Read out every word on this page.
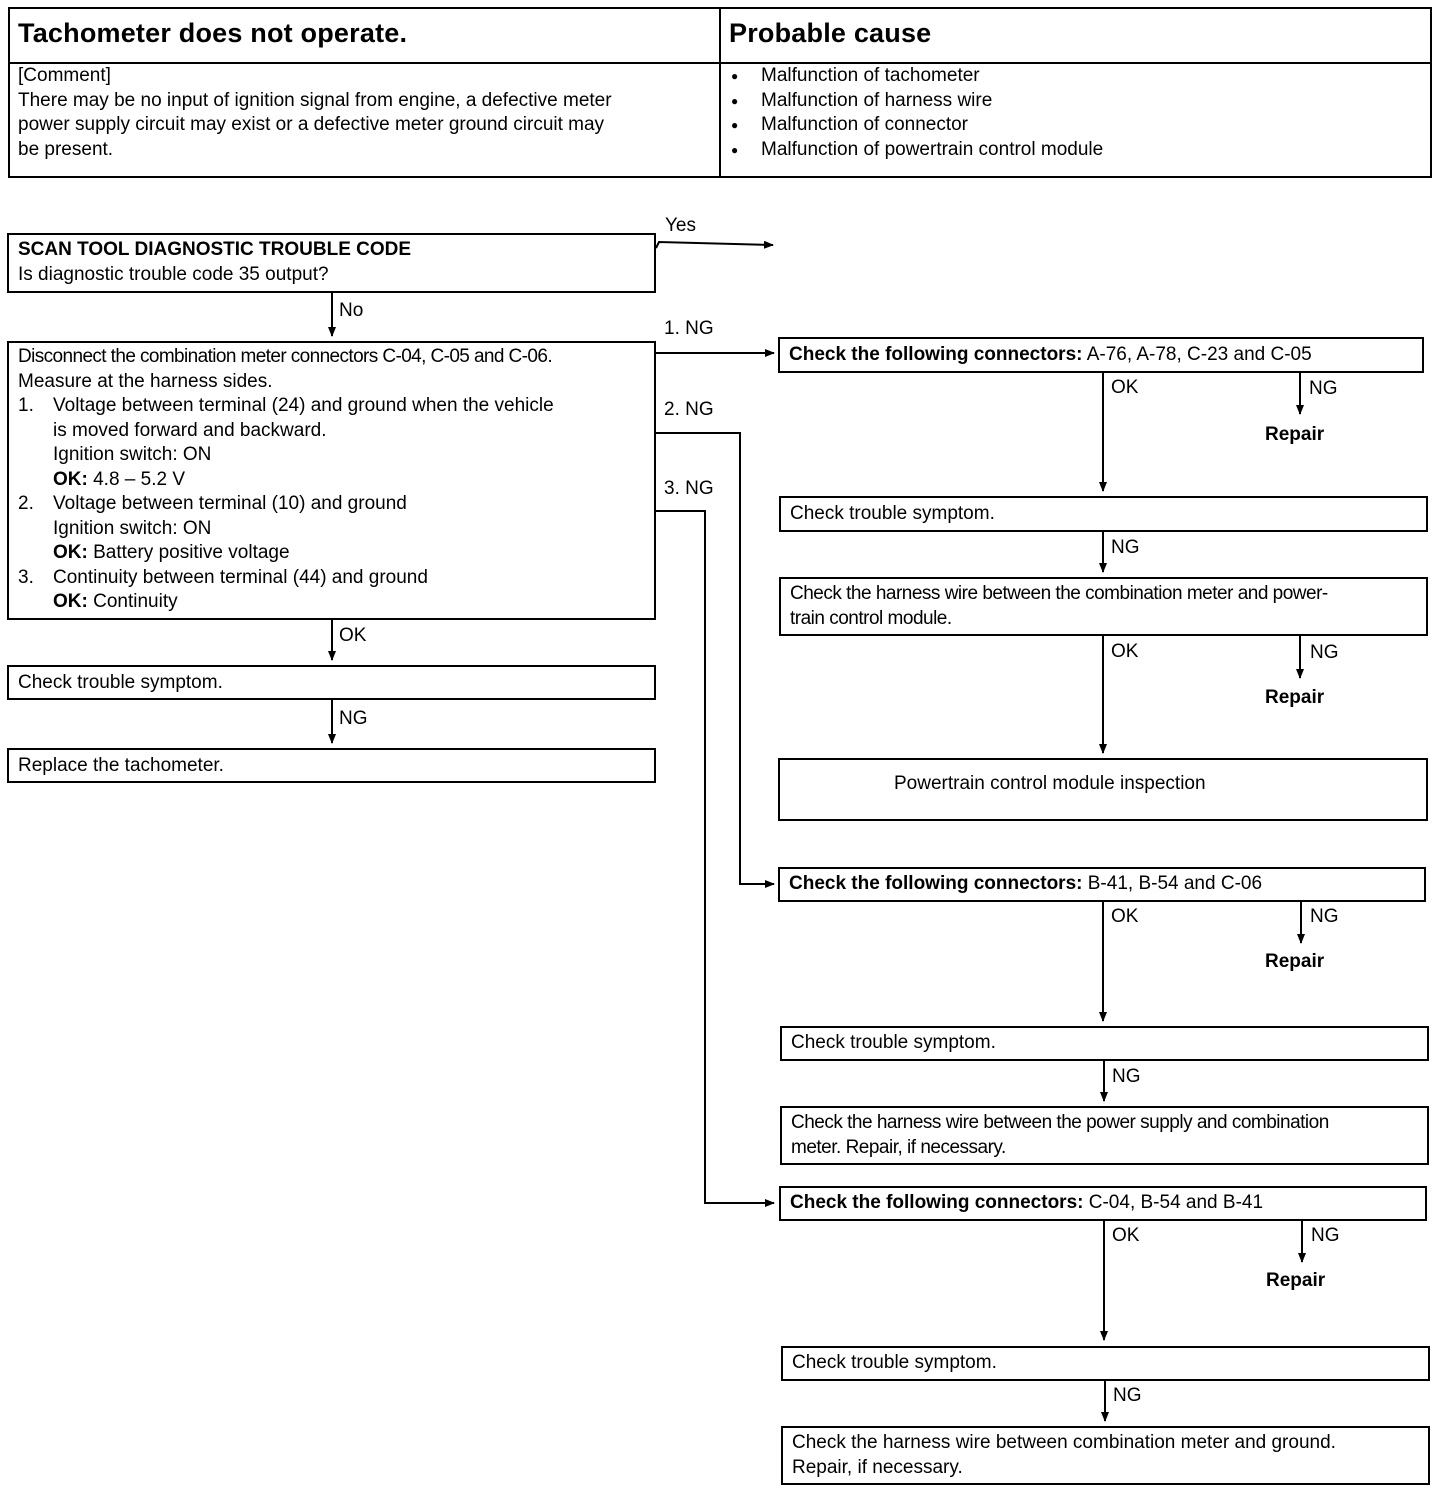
Tachometer does not operate.	Probable cause
[Comment]
There may be no input of ignition signal from engine, a defective meter
power supply circuit may exist or a defective meter ground circuit may
be present.
● Malfunction of tachometer
● Malfunction of harness wire
● Malfunction of connector
● Malfunction of powertrain control module
Yes
No
1. NG
2. NG
3. NG
OK
NG
OK	NG
Repair
NG
OK	NG
Repair
OK	NG
Repair
NG
OK	NG
Repair
NG
SCAN TOOL DIAGNOSTIC TROUBLE CODE
Is diagnostic trouble code 35 output?
Disconnect the combination meter connectors C-04, C-05 and C-06.
Measure at the harness sides.
1. Voltage between terminal (24) and ground when the vehicle
is moved forward and backward.
Ignition switch: ON
OK: 4.8 – 5.2 V
2. Voltage between terminal (10) and ground
Ignition switch: ON
OK: Battery positive voltage
3. Continuity between terminal (44) and ground
OK: Continuity
Check trouble symptom.
Replace the tachometer.
Check the following connectors: A-76, A-78, C-23 and C-05
Check trouble symptom.
Check the harness wire between the combination meter and power-
train control module.
Powertrain control module inspection
Check the following connectors: B-41, B-54 and C-06
Check trouble symptom.
Check the harness wire between the power supply and combination
meter. Repair, if necessary.
Check the following connectors: C-04, B-54 and B-41
Check trouble symptom.
Check the harness wire between combination meter and ground.
Repair, if necessary.
